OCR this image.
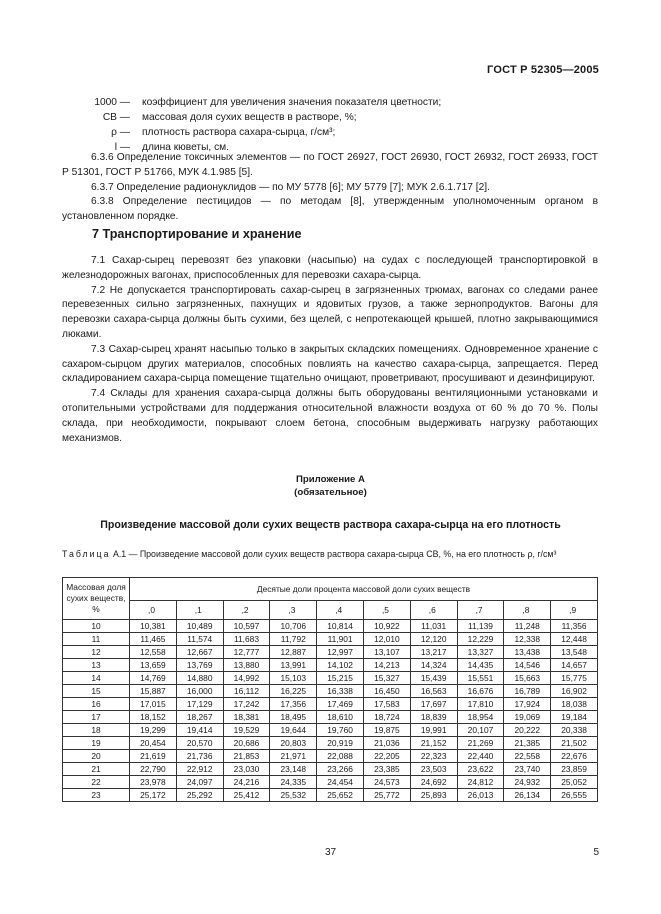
ГОСТ Р 52305—2005
1000 —	коэффициент для увеличения значения показателя цветности;
СВ —	массовая доля сухих веществ в растворе, %;
ρ —	плотность раствора сахара-сырца, г/см³;
l —	длина кюветы, см.

6.3.6 Определение токсичных элементов — по ГОСТ 26927, ГОСТ 26930, ГОСТ 26932, ГОСТ 26933, ГОСТ Р 51301, ГОСТ Р 51766, МУК 4.1.985 [5].

6.3.7 Определение радионуклидов — по МУ 5778 [6]; МУ 5779 [7]; МУК 2.6.1.717 [2].

6.3.8 Определение пестицидов — по методам [8], утвержденным уполномоченным органом в установленном порядке.

7 Транспортирование и хранение

7.1 Сахар-сырец перевозят без упаковки (насыпью) на судах с последующей транспортировкой в железнодорожных вагонах, приспособленных для перевозки сахара-сырца.

7.2 Не допускается транспортировать сахар-сырец в загрязненных трюмах, вагонах со следами ранее перевезенных сильно загрязненных, пахнущих и ядовитых грузов, а также зернопродуктов. Вагоны для перевозки сахара-сырца должны быть сухими, без щелей, с непротекающей крышей, плотно закрывающимися люками.

7.3 Сахар-сырец хранят насыпью только в закрытых складских помещениях. Одновременное хранение с сахаром-сырцом других материалов, способных повлиять на качество сахара-сырца, запрещается. Перед складированием сахара-сырца помещение тщательно очищают, проветривают, просушивают и дезинфицируют.

7.4 Склады для хранения сахара-сырца должны быть оборудованы вентиляционными установками и отопительными устройствами для поддержания относительной влажности воздуха от 60 % до 70 %. Полы склада, при необходимости, покрывают слоем бетона, способным выдерживать нагрузку работающих механизмов.

Приложение А
(обязательное)
Произведение массовой доли сухих веществ раствора сахара-сырца на его плотность
Таблица А.1 — Произведение массовой доли сухих веществ раствора сахара-сырца СВ, %, на его плотность ρ, г/см³
Массовая доля сухих веществ, %	Десятые доли процента массовой доли сухих веществ									
	,0	,1	,2	,3	,4	,5	,6	,7	,8	,9
10	10,381	10,489	10,597	10,706	10,814	10,922	11,031	11,139	11,248	11,356
11	11,465	11,574	11,683	11,792	11,901	12,010	12,120	12,229	12,338	12,448
12	12,558	12,667	12,777	12,887	12,997	13,107	13,217	13,327	13,438	13,548
13	13,659	13,769	13,880	13,991	14,102	14,213	14,324	14,435	14,546	14,657
14	14,769	14,880	14,992	15,103	15,215	15,327	15,439	15,551	15,663	15,775
15	15,887	16,000	16,112	16,225	16,338	16,450	16,563	16,676	16,789	16,902
16	17,015	17,129	17,242	17,356	17,469	17,583	17,697	17,810	17,924	18,038
17	18,152	18,267	18,381	18,495	18,610	18,724	18,839	18,954	19,069	19,184
18	19,299	19,414	19,529	19,644	19,760	19,875	19,991	20,107	20,222	20,338
19	20,454	20,570	20,686	20,803	20,919	21,036	21,152	21,269	21,385	21,502
20	21,619	21,736	21,853	21,971	22,088	22,205	22,323	22,440	22,558	22,676
21	22,790	22,912	23,030	23,148	23,266	23,385	23,503	23,622	23,740	23,859
22	23,978	24,097	24,216	24,335	24,454	24,573	24,692	24,812	24,932	25,052
23	25,172	25,292	25,412	25,532	25,652	25,772	25,893	26,013	26,134	26,555
37	5
